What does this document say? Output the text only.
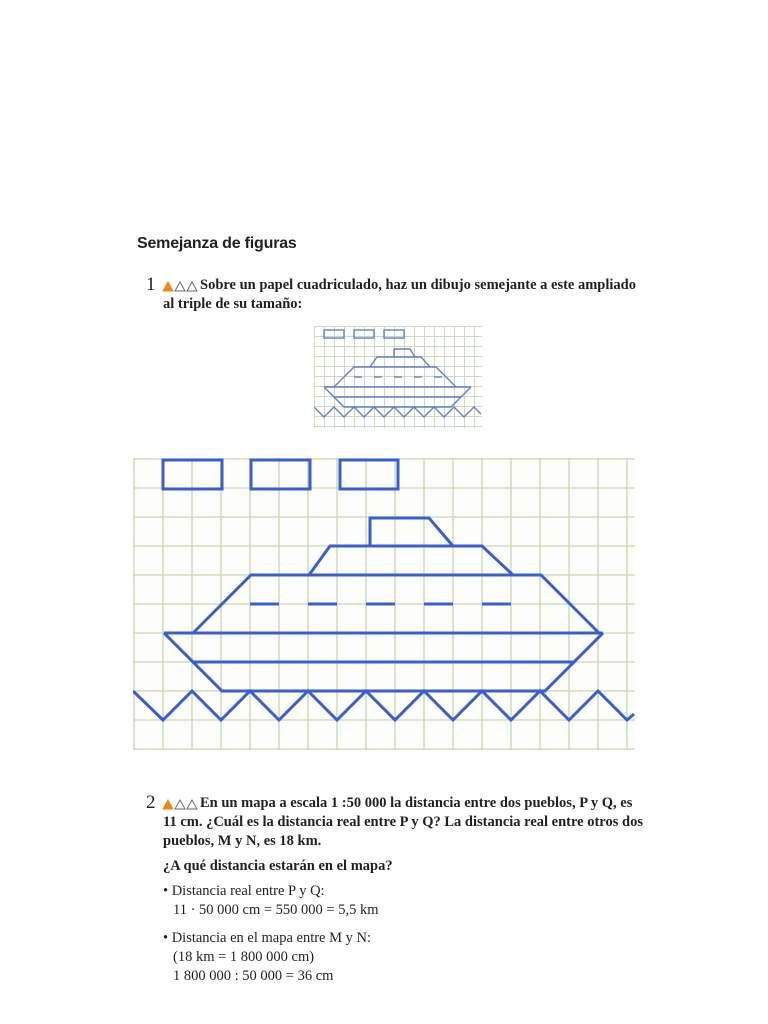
Semejanza de figuras
1	Sobre un papel cuadriculado, haz un dibujo semejante a este ampliado
al triple de su tamaño:
2	En un mapa a escala 1 :50 000 la distancia entre dos pueblos, P y Q, es
11 cm. ¿Cuál es la distancia real entre P y Q? La distancia real entre otros dos
pueblos, M y N, es 18 km.
¿A qué distancia estarán en el mapa?
• Distancia real entre P y Q:
11 · 50 000 cm = 550 000 = 5,5 km
• Distancia en el mapa entre M y N:
(18 km = 1 800 000 cm)
1 800 000 : 50 000 = 36 cm
